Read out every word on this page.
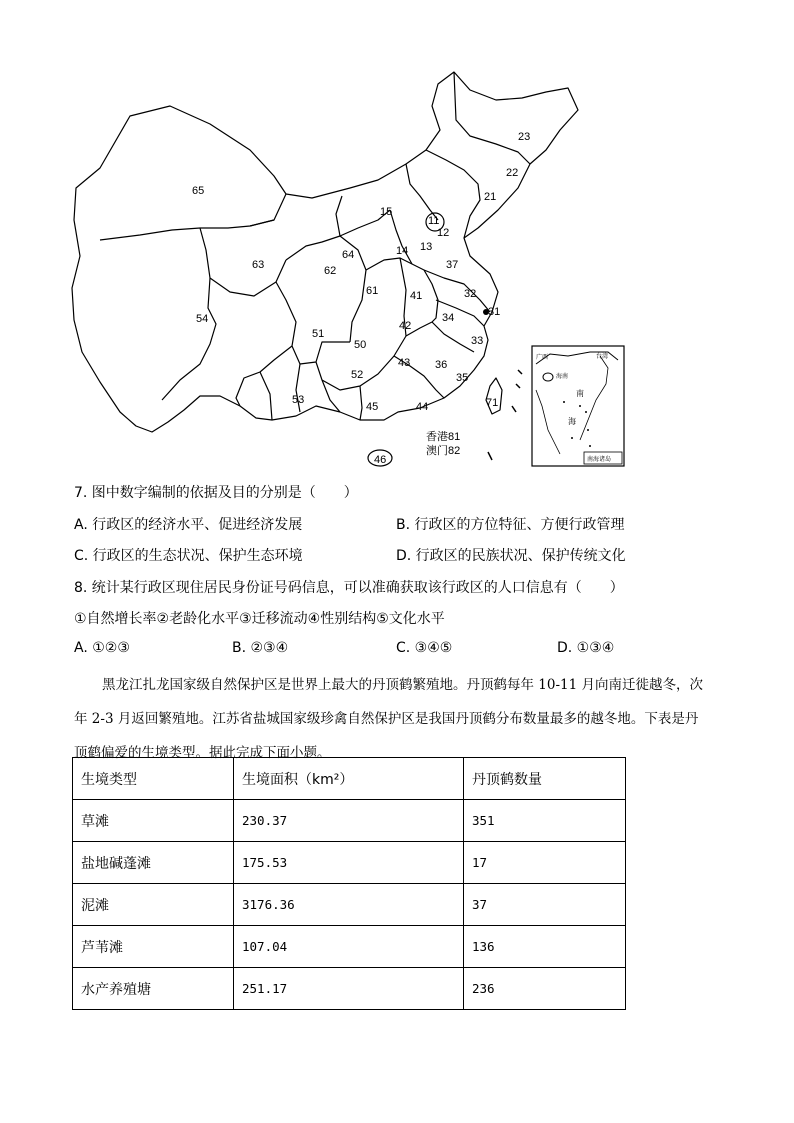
65
23
22
21
15
11
12
14 13
64
63	62	37
61	41	32
31
54
51
42
34
50	33
43 36
52	35
53
45	44	71
46
香港81
澳门82
广西	台湾
海南
南
海
南海诸岛
7. 图中数字编制的依据及目的分别是（　　）
A. 行政区的经济水平、促进经济发展	B. 行政区的方位特征、方便行政管理
C. 行政区的生态状况、保护生态环境	D. 行政区的民族状况、保护传统文化
8. 统计某行政区现住居民身份证号码信息，可以准确获取该行政区的人口信息有（　　）
①自然增长率②老龄化水平③迁移流动④性别结构⑤文化水平
A. ①②③	B. ②③④	C. ③④⑤	D. ①③④
黑龙江扎龙国家级自然保护区是世界上最大的丹顶鹤繁殖地。丹顶鹤每年 10-11 月向南迁徙越冬，次
年 2-3 月返回繁殖地。江苏省盐城国家级珍禽自然保护区是我国丹顶鹤分布数量最多的越冬地。下表是丹
顶鹤偏爱的生境类型。据此完成下面小题。
生境类型	生境面积（km²）	丹顶鹤数量
草滩	230.37	351
盐地碱蓬滩	175.53	17
泥滩	3176.36	37
芦苇滩	107.04	136
水产养殖塘	251.17	236
